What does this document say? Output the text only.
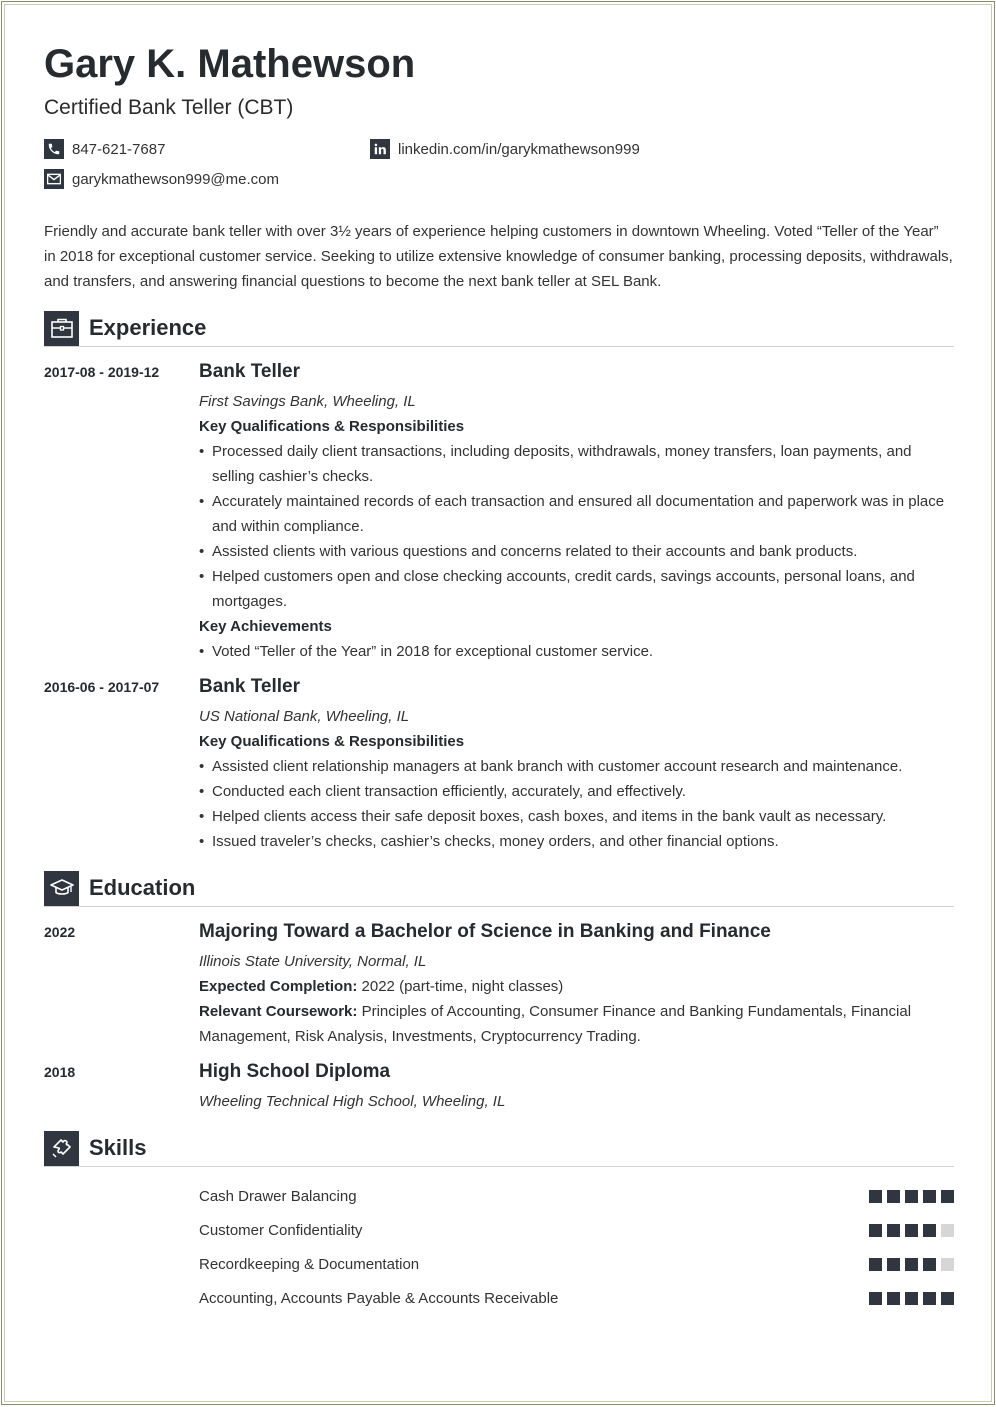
Gary K. Mathewson
Certified Bank Teller (CBT)
847-621-7687	linkedin.com/in/garykmathewson999
garykmathewson999@me.com
Friendly and accurate bank teller with over 3½ years of experience helping customers in downtown Wheeling. Voted “Teller of the Year” in 2018 for exceptional customer service. Seeking to utilize extensive knowledge of consumer banking, processing deposits, withdrawals, and transfers, and answering financial questions to become the next bank teller at SEL Bank.
Experience
2017-08 - 2019-12	Bank Teller
First Savings Bank, Wheeling, IL
Key Qualifications & Responsibilities
• Processed daily client transactions, including deposits, withdrawals, money transfers, loan payments, and selling cashier’s checks.
• Accurately maintained records of each transaction and ensured all documentation and paperwork was in place and within compliance.
• Assisted clients with various questions and concerns related to their accounts and bank products.
• Helped customers open and close checking accounts, credit cards, savings accounts, personal loans, and mortgages.
Key Achievements
• Voted “Teller of the Year” in 2018 for exceptional customer service.
2016-06 - 2017-07	Bank Teller
US National Bank, Wheeling, IL
Key Qualifications & Responsibilities
• Assisted client relationship managers at bank branch with customer account research and maintenance.
• Conducted each client transaction efficiently, accurately, and effectively.
• Helped clients access their safe deposit boxes, cash boxes, and items in the bank vault as necessary.
• Issued traveler’s checks, cashier’s checks, money orders, and other financial options.
Education
2022	Majoring Toward a Bachelor of Science in Banking and Finance
Illinois State University, Normal, IL
Expected Completion: 2022 (part-time, night classes)
Relevant Coursework: Principles of Accounting, Consumer Finance and Banking Fundamentals, Financial Management, Risk Analysis, Investments, Cryptocurrency Trading.
2018	High School Diploma
Wheeling Technical High School, Wheeling, IL
Skills
Cash Drawer Balancing
Customer Confidentiality
Recordkeeping & Documentation
Accounting, Accounts Payable & Accounts Receivable
